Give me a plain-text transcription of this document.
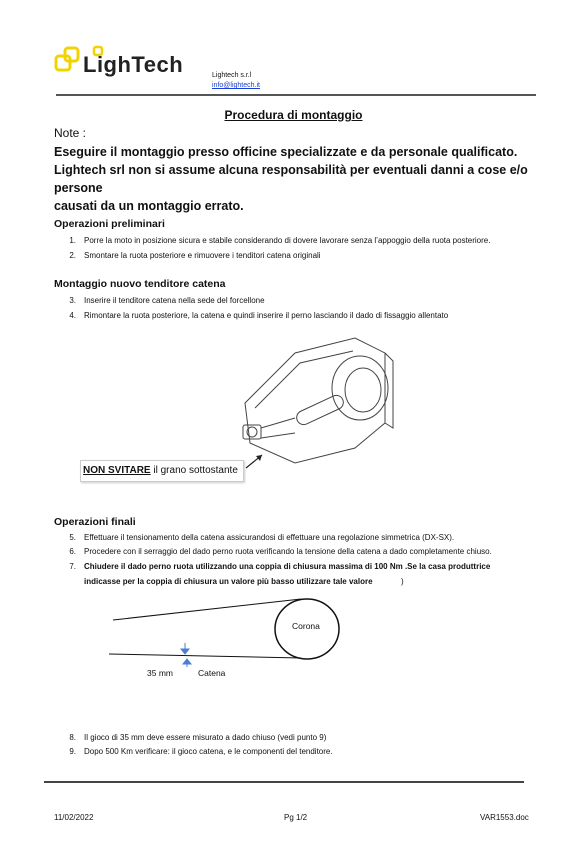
LighTech	Lightech s.r.l
info@lightech.it
Procedura di montaggio
Note :
Eseguire il montaggio presso officine specializzate e da personale qualificato.
Lightech srl non si assume alcuna responsabilità per eventuali danni a cose e/o persone
causati da un montaggio errato.
Operazioni preliminari
1. Porre la moto in posizione sicura e stabile considerando di dovere lavorare senza l’appoggio della ruota posteriore.
2. Smontare la ruota posteriore e rimuovere i tenditori catena originali
Montaggio nuovo tenditore catena
3. Inserire il tenditore catena nella sede del forcellone
4. Rimontare la ruota posteriore, la catena e quindi inserire il perno lasciando il dado di fissaggio allentato
NON SVITARE il grano sottostante
Operazioni finali
5. Effettuare il tensionamento della catena assicurandosi di effettuare una regolazione simmetrica (DX-SX).
6. Procedere con il serraggio del dado perno ruota verificando la tensione della catena a dado completamente chiuso.
7. Chiudere il dado perno ruota utilizzando una coppia di chiusura massima di 100 Nm .Se la casa produttrice
indicasse per la coppia di chiusura un valore più basso utilizzare tale valore	)
Corona
35 mm	Catena
8. Il gioco di 35 mm deve essere misurato a dado chiuso (vedi punto 9)
9. Dopo 500 Km verificare: il gioco catena, e le componenti del tenditore.
11/02/2022	Pg 1/2	VAR1553.doc
